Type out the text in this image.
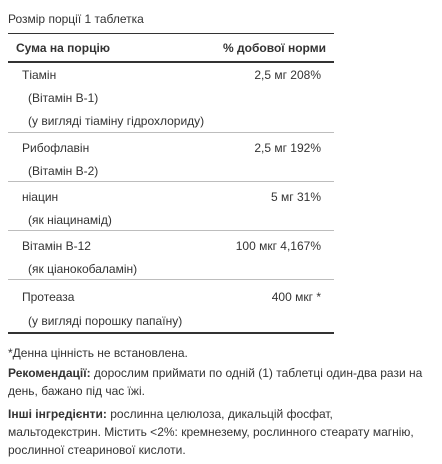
Розмір порції 1 таблетка
Сума на порцію	% добової норми
Тіамін	2,5 мг 208%
(Вітамін В-1)
(у вигляді тіаміну гідрохлориду)
Рибофлавін	2,5 мг 192%
(Вітамін В-2)
ніацин	5 мг 31%
(як ніацинамід)
Вітамін B-12	100 мкг 4,167%
(як ціанокобаламін)
Протеаза	400 мкг *
(у вигляді порошку папаїну)
*Денна цінність не встановлена.
Рекомендації: дорослим приймати по одній (1) таблетці один-два рази на день, бажано під час їжі.
Інші інгредієнти: рослинна целюлоза, дикальцій фосфат, мальтодекстрин. Містить <2%: кремнезему, рослинного стеарату магнію, рослинної стеаринової кислоти.
